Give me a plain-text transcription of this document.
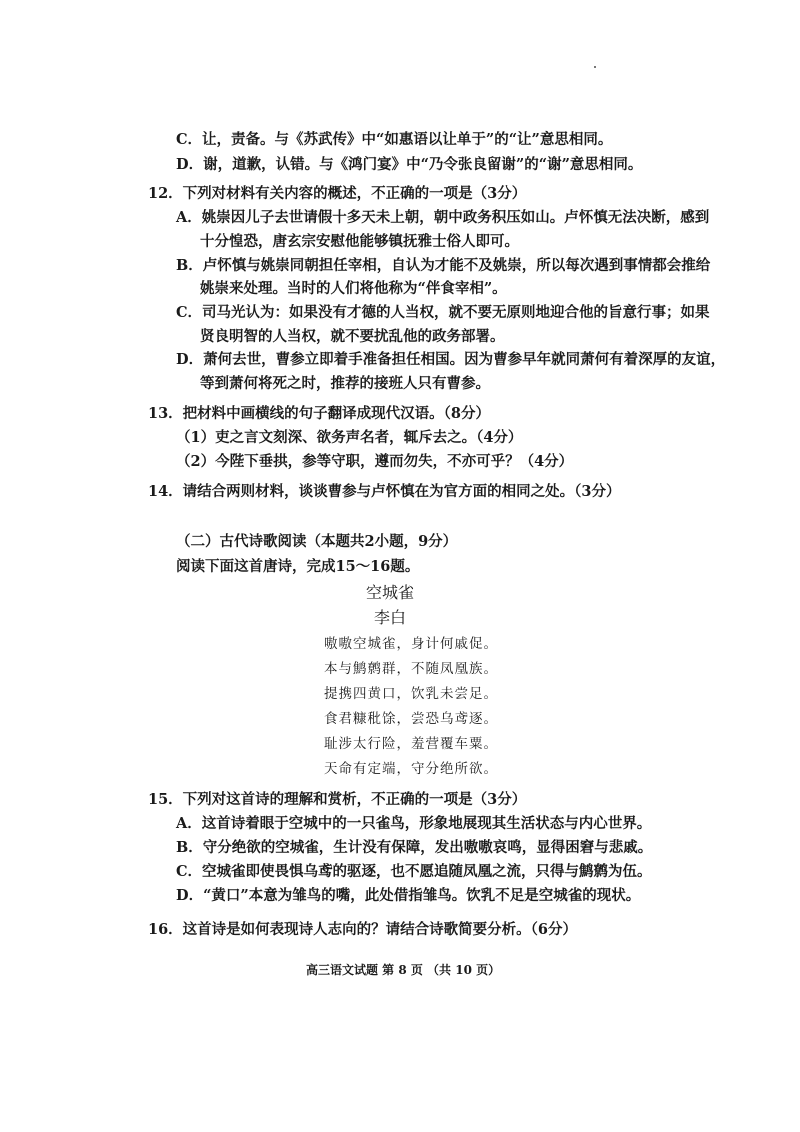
C．让，责备。与《苏武传》中“如惠语以让单于”的“让”意思相同。
D．谢，道歉，认错。与《鸿门宴》中“乃令张良留谢”的“谢”意思相同。
12．下列对材料有关内容的概述，不正确的一项是（3分）
A．姚崇因儿子去世请假十多天未上朝，朝中政务积压如山。卢怀慎无法决断，感到
十分惶恐，唐玄宗安慰他能够镇抚雅士俗人即可。
B．卢怀慎与姚崇同朝担任宰相，自认为才能不及姚崇，所以每次遇到事情都会推给
姚崇来处理。当时的人们将他称为“伴食宰相”。
C．司马光认为：如果没有才德的人当权，就不要无原则地迎合他的旨意行事；如果
贤良明智的人当权，就不要扰乱他的政务部署。
D．萧何去世，曹参立即着手准备担任相国。因为曹参早年就同萧何有着深厚的友谊，
等到萧何将死之时，推荐的接班人只有曹参。
13．把材料中画横线的句子翻译成现代汉语。（8分）
（1）吏之言文刻深、欲务声名者，辄斥去之。（4分）
（2）今陛下垂拱，参等守职，遵而勿失，不亦可乎？（4分）
14．请结合两则材料，谈谈曹参与卢怀慎在为官方面的相同之处。（3分）
（二）古代诗歌阅读（本题共2小题，9分）
阅读下面这首唐诗，完成15～16题。
空城雀
李白
嗷嗷空城雀，身计何戚促。
本与鹪鹩群，不随凤凰族。
提携四黄口，饮乳未尝足。
食君糠秕馀，尝恐乌鸢逐。
耻涉太行险，羞营覆车粟。
天命有定端，守分绝所欲。
15．下列对这首诗的理解和赏析，不正确的一项是（3分）
A．这首诗着眼于空城中的一只雀鸟，形象地展现其生活状态与内心世界。
B．守分绝欲的空城雀，生计没有保障，发出嗷嗷哀鸣，显得困窘与悲戚。
C．空城雀即使畏惧乌鸢的驱逐，也不愿追随凤凰之流，只得与鹪鹩为伍。
D．“黄口”本意为雏鸟的嘴，此处借指雏鸟。饮乳不足是空城雀的现状。
16．这首诗是如何表现诗人志向的？请结合诗歌简要分析。（6分）
高三语文试题 第 8 页 （共 10 页）
